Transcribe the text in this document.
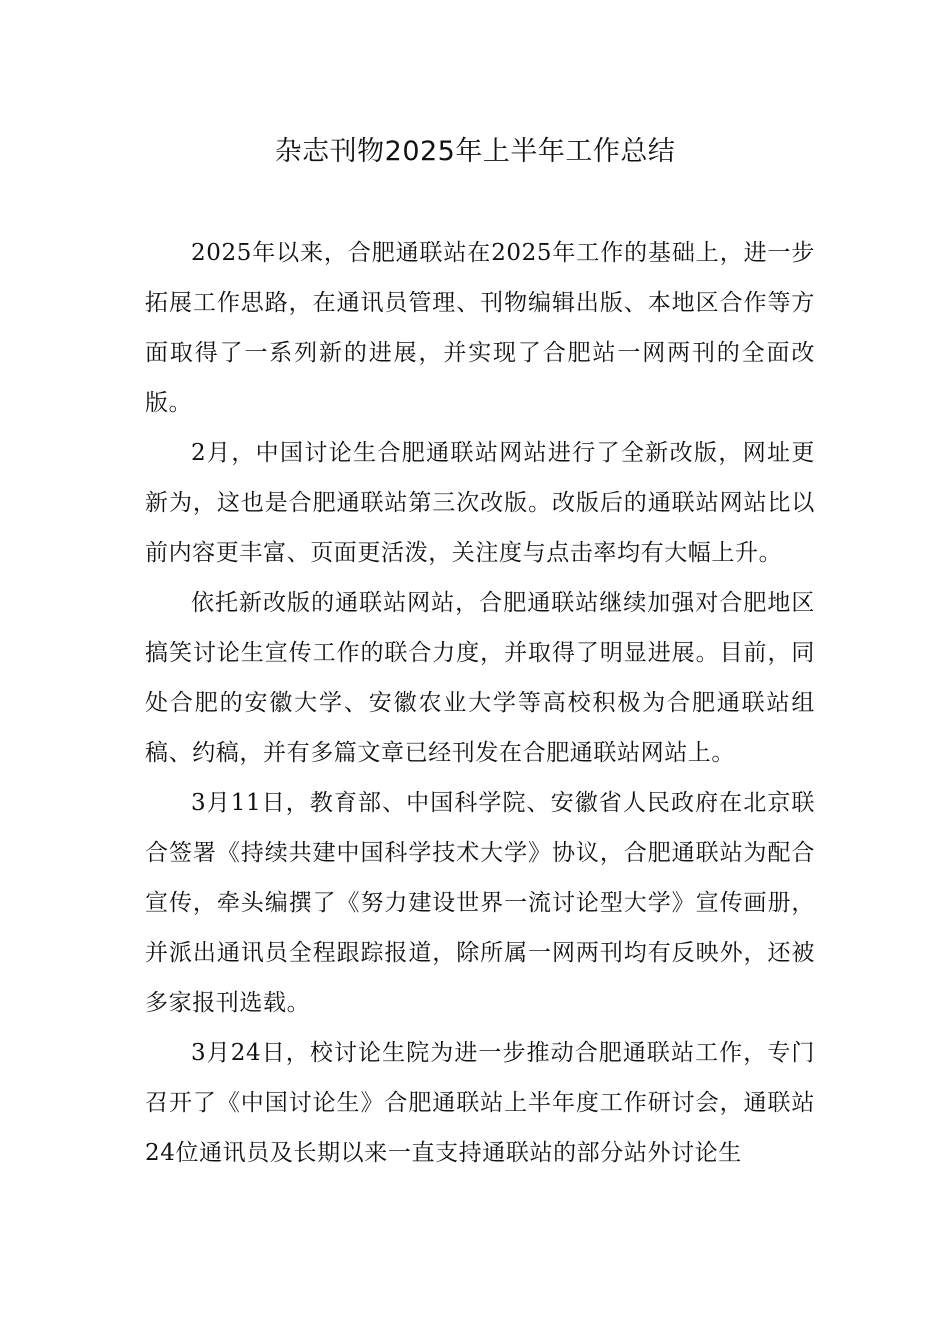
杂志刊物2025年上半年工作总结

2025年以来，合肥通联站在2025年工作的基础上，进一步拓展工作思路，在通讯员管理、刊物编辑出版、本地区合作等方面取得了一系列新的进展，并实现了合肥站一网两刊的全面改版。

2月，中国讨论生合肥通联站网站进行了全新改版，网址更新为，这也是合肥通联站第三次改版。改版后的通联站网站比以前内容更丰富、页面更活泼，关注度与点击率均有大幅上升。

依托新改版的通联站网站，合肥通联站继续加强对合肥地区搞笑讨论生宣传工作的联合力度，并取得了明显进展。目前，同处合肥的安徽大学、安徽农业大学等高校积极为合肥通联站组稿、约稿，并有多篇文章已经刊发在合肥通联站网站上。

3月11日，教育部、中国科学院、安徽省人民政府在北京联合签署《持续共建中国科学技术大学》协议，合肥通联站为配合宣传，牵头编撰了《努力建设世界一流讨论型大学》宣传画册，并派出通讯员全程跟踪报道，除所属一网两刊均有反映外，还被多家报刊选载。

3月24日，校讨论生院为进一步推动合肥通联站工作，专门召开了《中国讨论生》合肥通联站上半年度工作研讨会，通联站24位通讯员及长期以来一直支持通联站的部分站外讨论生
